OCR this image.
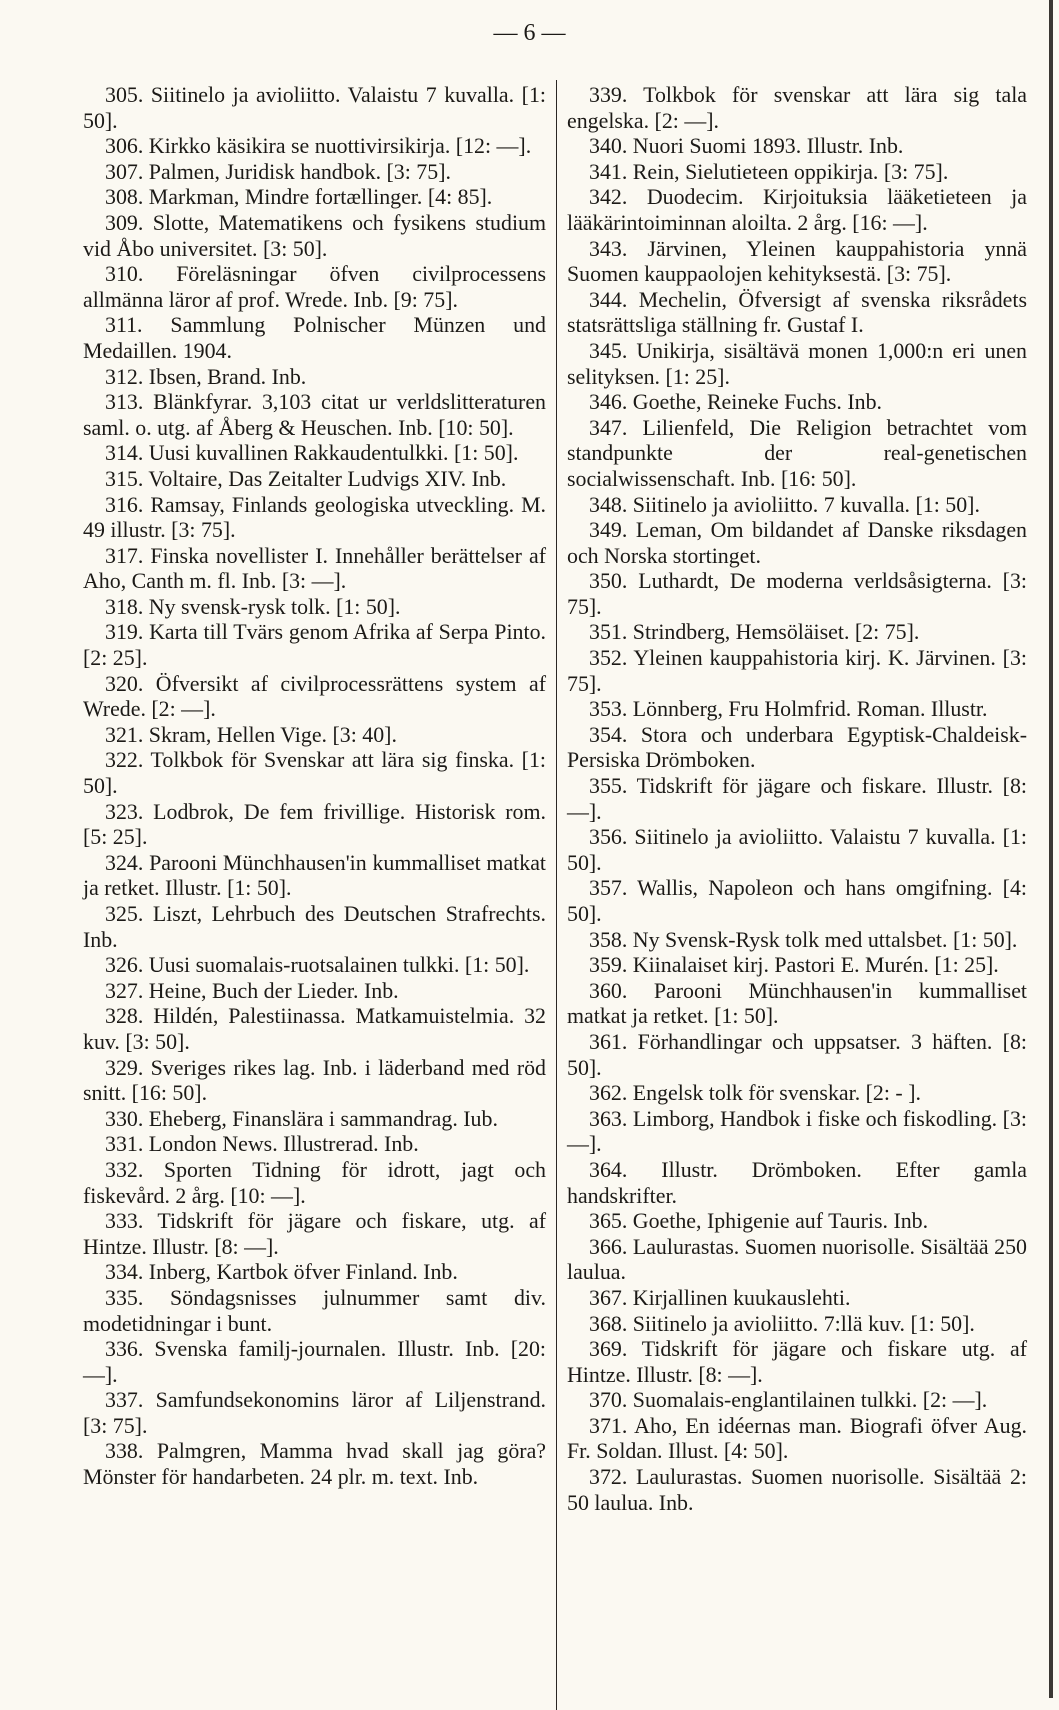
— 6 —

305. Siitinelo ja avioliitto. Valaistu 7 kuvalla. [1: 50].

306. Kirkko käsikira se nuottivirsikirja. [12: —].

307. Palmen, Juridisk handbok. [3: 75].

308. Markman, Mindre fortællinger. [4: 85].

309. Slotte, Matematikens och fysikens studium vid Åbo universitet. [3: 50].

310. Föreläsningar öfven civilprocessens allmänna läror af prof. Wrede. Inb. [9: 75].

311. Sammlung Polnischer Münzen und Medaillen. 1904.

312. Ibsen, Brand. Inb.

313. Blänkfyrar. 3,103 citat ur verldslitteraturen saml. o. utg. af Åberg & Heuschen. Inb. [10: 50].

314. Uusi kuvallinen Rakkaudentulkki. [1: 50].

315. Voltaire, Das Zeitalter Ludvigs XIV. Inb.

316. Ramsay, Finlands geologiska utveckling. M. 49 illustr. [3: 75].

317. Finska novellister I. Innehåller berättelser af Aho, Canth m. fl. Inb. [3: —].

318. Ny svensk-rysk tolk. [1: 50].

319. Karta till Tvärs genom Afrika af Serpa Pinto. [2: 25].

320. Öfversikt af civilprocessrättens system af Wrede. [2: —].

321. Skram, Hellen Vige. [3: 40].

322. Tolkbok för Svenskar att lära sig finska. [1: 50].

323. Lodbrok, De fem frivillige. Historisk rom. [5: 25].

324. Parooni Münchhausen'in kummalliset matkat ja retket. Illustr. [1: 50].

325. Liszt, Lehrbuch des Deutschen Strafrechts. Inb.

326. Uusi suomalais-ruotsalainen tulkki. [1: 50].

327. Heine, Buch der Lieder. Inb.

328. Hildén, Palestiinassa. Matkamuistelmia. 32 kuv. [3: 50].

329. Sveriges rikes lag. Inb. i läderband med röd snitt. [16: 50].

330. Eheberg, Finanslära i sammandrag. Iub.

331. London News. Illustrerad. Inb.

332. Sporten Tidning för idrott, jagt och fiskevård. 2 årg. [10: —].

333. Tidskrift för jägare och fiskare, utg. af Hintze. Illustr. [8: —].

334. Inberg, Kartbok öfver Finland. Inb.

335. Söndagsnisses julnummer samt div. modetidningar i bunt.

336. Svenska familj-journalen. Illustr. Inb. [20: —].

337. Samfundsekonomins läror af Liljenstrand. [3: 75].

338. Palmgren, Mamma hvad skall jag göra? Mönster för handarbeten. 24 plr. m. text. Inb.

339. Tolkbok för svenskar att lära sig tala engelska. [2: —].

340. Nuori Suomi 1893. Illustr. Inb.

341. Rein, Sielutieteen oppikirja. [3: 75].

342. Duodecim. Kirjoituksia lääketieteen ja lääkärintoiminnan aloilta. 2 årg. [16: —].

343. Järvinen, Yleinen kauppahistoria ynnä Suomen kauppaolojen kehityksestä. [3: 75].

344. Mechelin, Öfversigt af svenska riksrådets statsrättsliga ställning fr. Gustaf I.

345. Unikirja, sisältävä monen 1,000:n eri unen selityksen. [1: 25].

346. Goethe, Reineke Fuchs. Inb.

347. Lilienfeld, Die Religion betrachtet vom standpunkte der real-genetischen socialwissenschaft. Inb. [16: 50].

348. Siitinelo ja avioliitto. 7 kuvalla. [1: 50].

349. Leman, Om bildandet af Danske riksdagen och Norska stortinget.

350. Luthardt, De moderna verldsåsigterna. [3: 75].

351. Strindberg, Hemsöläiset. [2: 75].

352. Yleinen kauppahistoria kirj. K. Järvinen. [3: 75].

353. Lönnberg, Fru Holmfrid. Roman. Illustr.

354. Stora och underbara Egyptisk-Chaldeisk-Persiska Drömboken.

355. Tidskrift för jägare och fiskare. Illustr. [8: —].

356. Siitinelo ja avioliitto. Valaistu 7 kuvalla. [1: 50].

357. Wallis, Napoleon och hans omgifning. [4: 50].

358. Ny Svensk-Rysk tolk med uttalsbet. [1: 50].

359. Kiinalaiset kirj. Pastori E. Murén. [1: 25].

360. Parooni Münchhausen'in kummalliset matkat ja retket. [1: 50].

361. Förhandlingar och uppsatser. 3 häften. [8: 50].

362. Engelsk tolk för svenskar. [2: - ].

363. Limborg, Handbok i fiske och fiskodling. [3: —].

364. Illustr. Drömboken. Efter gamla handskrifter.

365. Goethe, Iphigenie auf Tauris. Inb.

366. Laulurastas. Suomen nuorisolle. Sisältää 250 laulua.

367. Kirjallinen kuukauslehti.

368. Siitinelo ja avioliitto. 7:llä kuv. [1: 50].

369. Tidskrift för jägare och fiskare utg. af Hintze. Illustr. [8: —].

370. Suomalais-englantilainen tulkki. [2: —].

371. Aho, En idéernas man. Biografi öfver Aug. Fr. Soldan. Illust. [4: 50].

372. Laulurastas. Suomen nuorisolle. Sisältää 2: 50 laulua. Inb.
